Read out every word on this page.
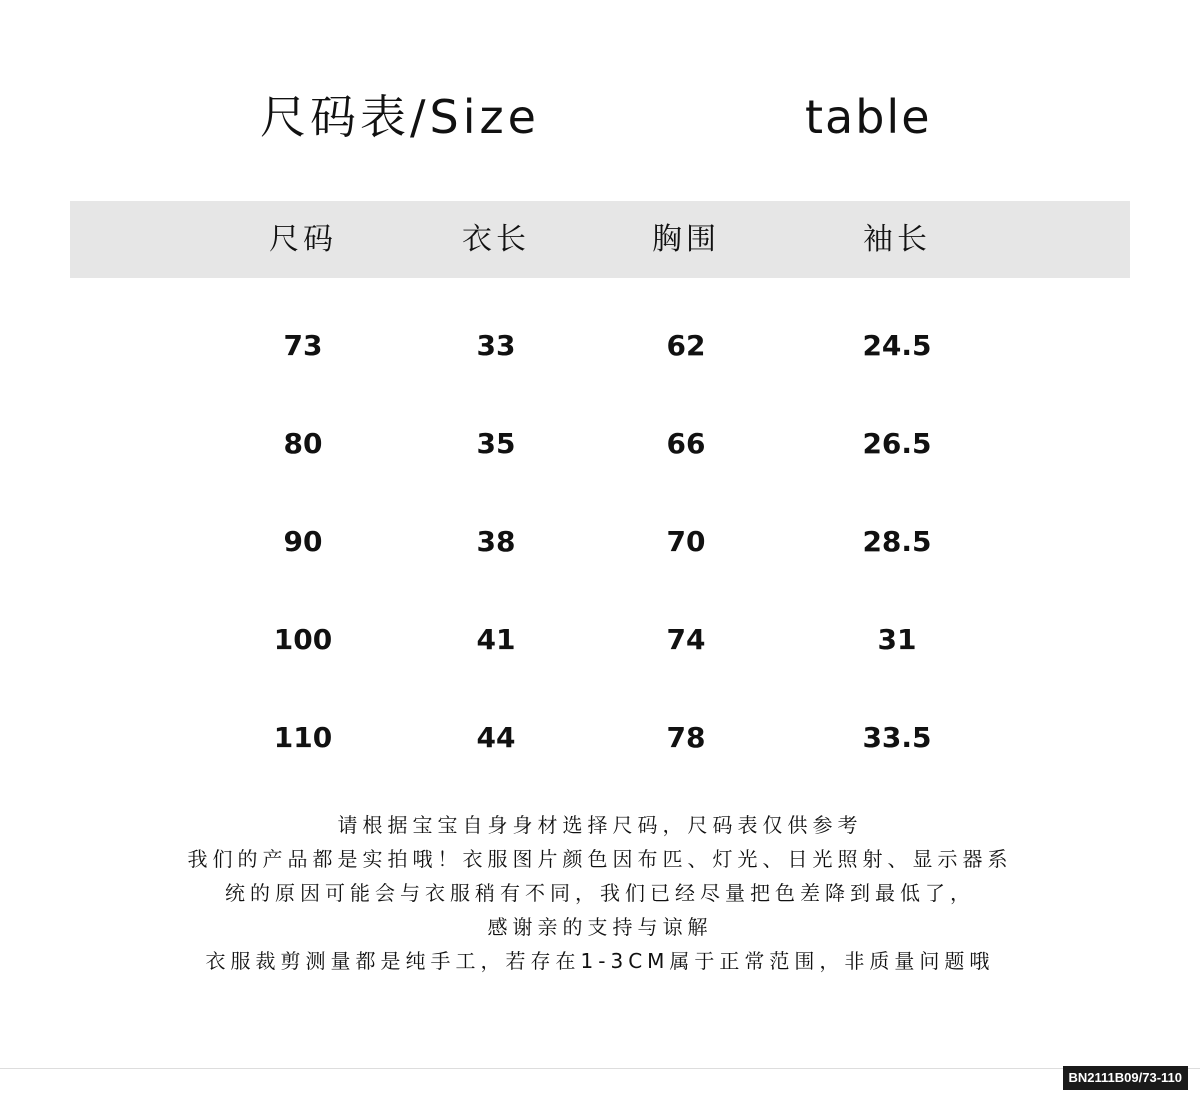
尺码表/Size	table
尺码	衣长	胸围	袖长
73	33	62	24.5
80	35	66	26.5
90	38	70	28.5
100	41	74	31
110	44	78	33.5
请根据宝宝自身身材选择尺码，尺码表仅供参考
我们的产品都是实拍哦！衣服图片颜色因布匹、灯光、日光照射、显示器系
统的原因可能会与衣服稍有不同，我们已经尽量把色差降到最低了，
感谢亲的支持与谅解
衣服裁剪测量都是纯手工，若存在1-3CM属于正常范围，非质量问题哦
BN2111B09/73-110
